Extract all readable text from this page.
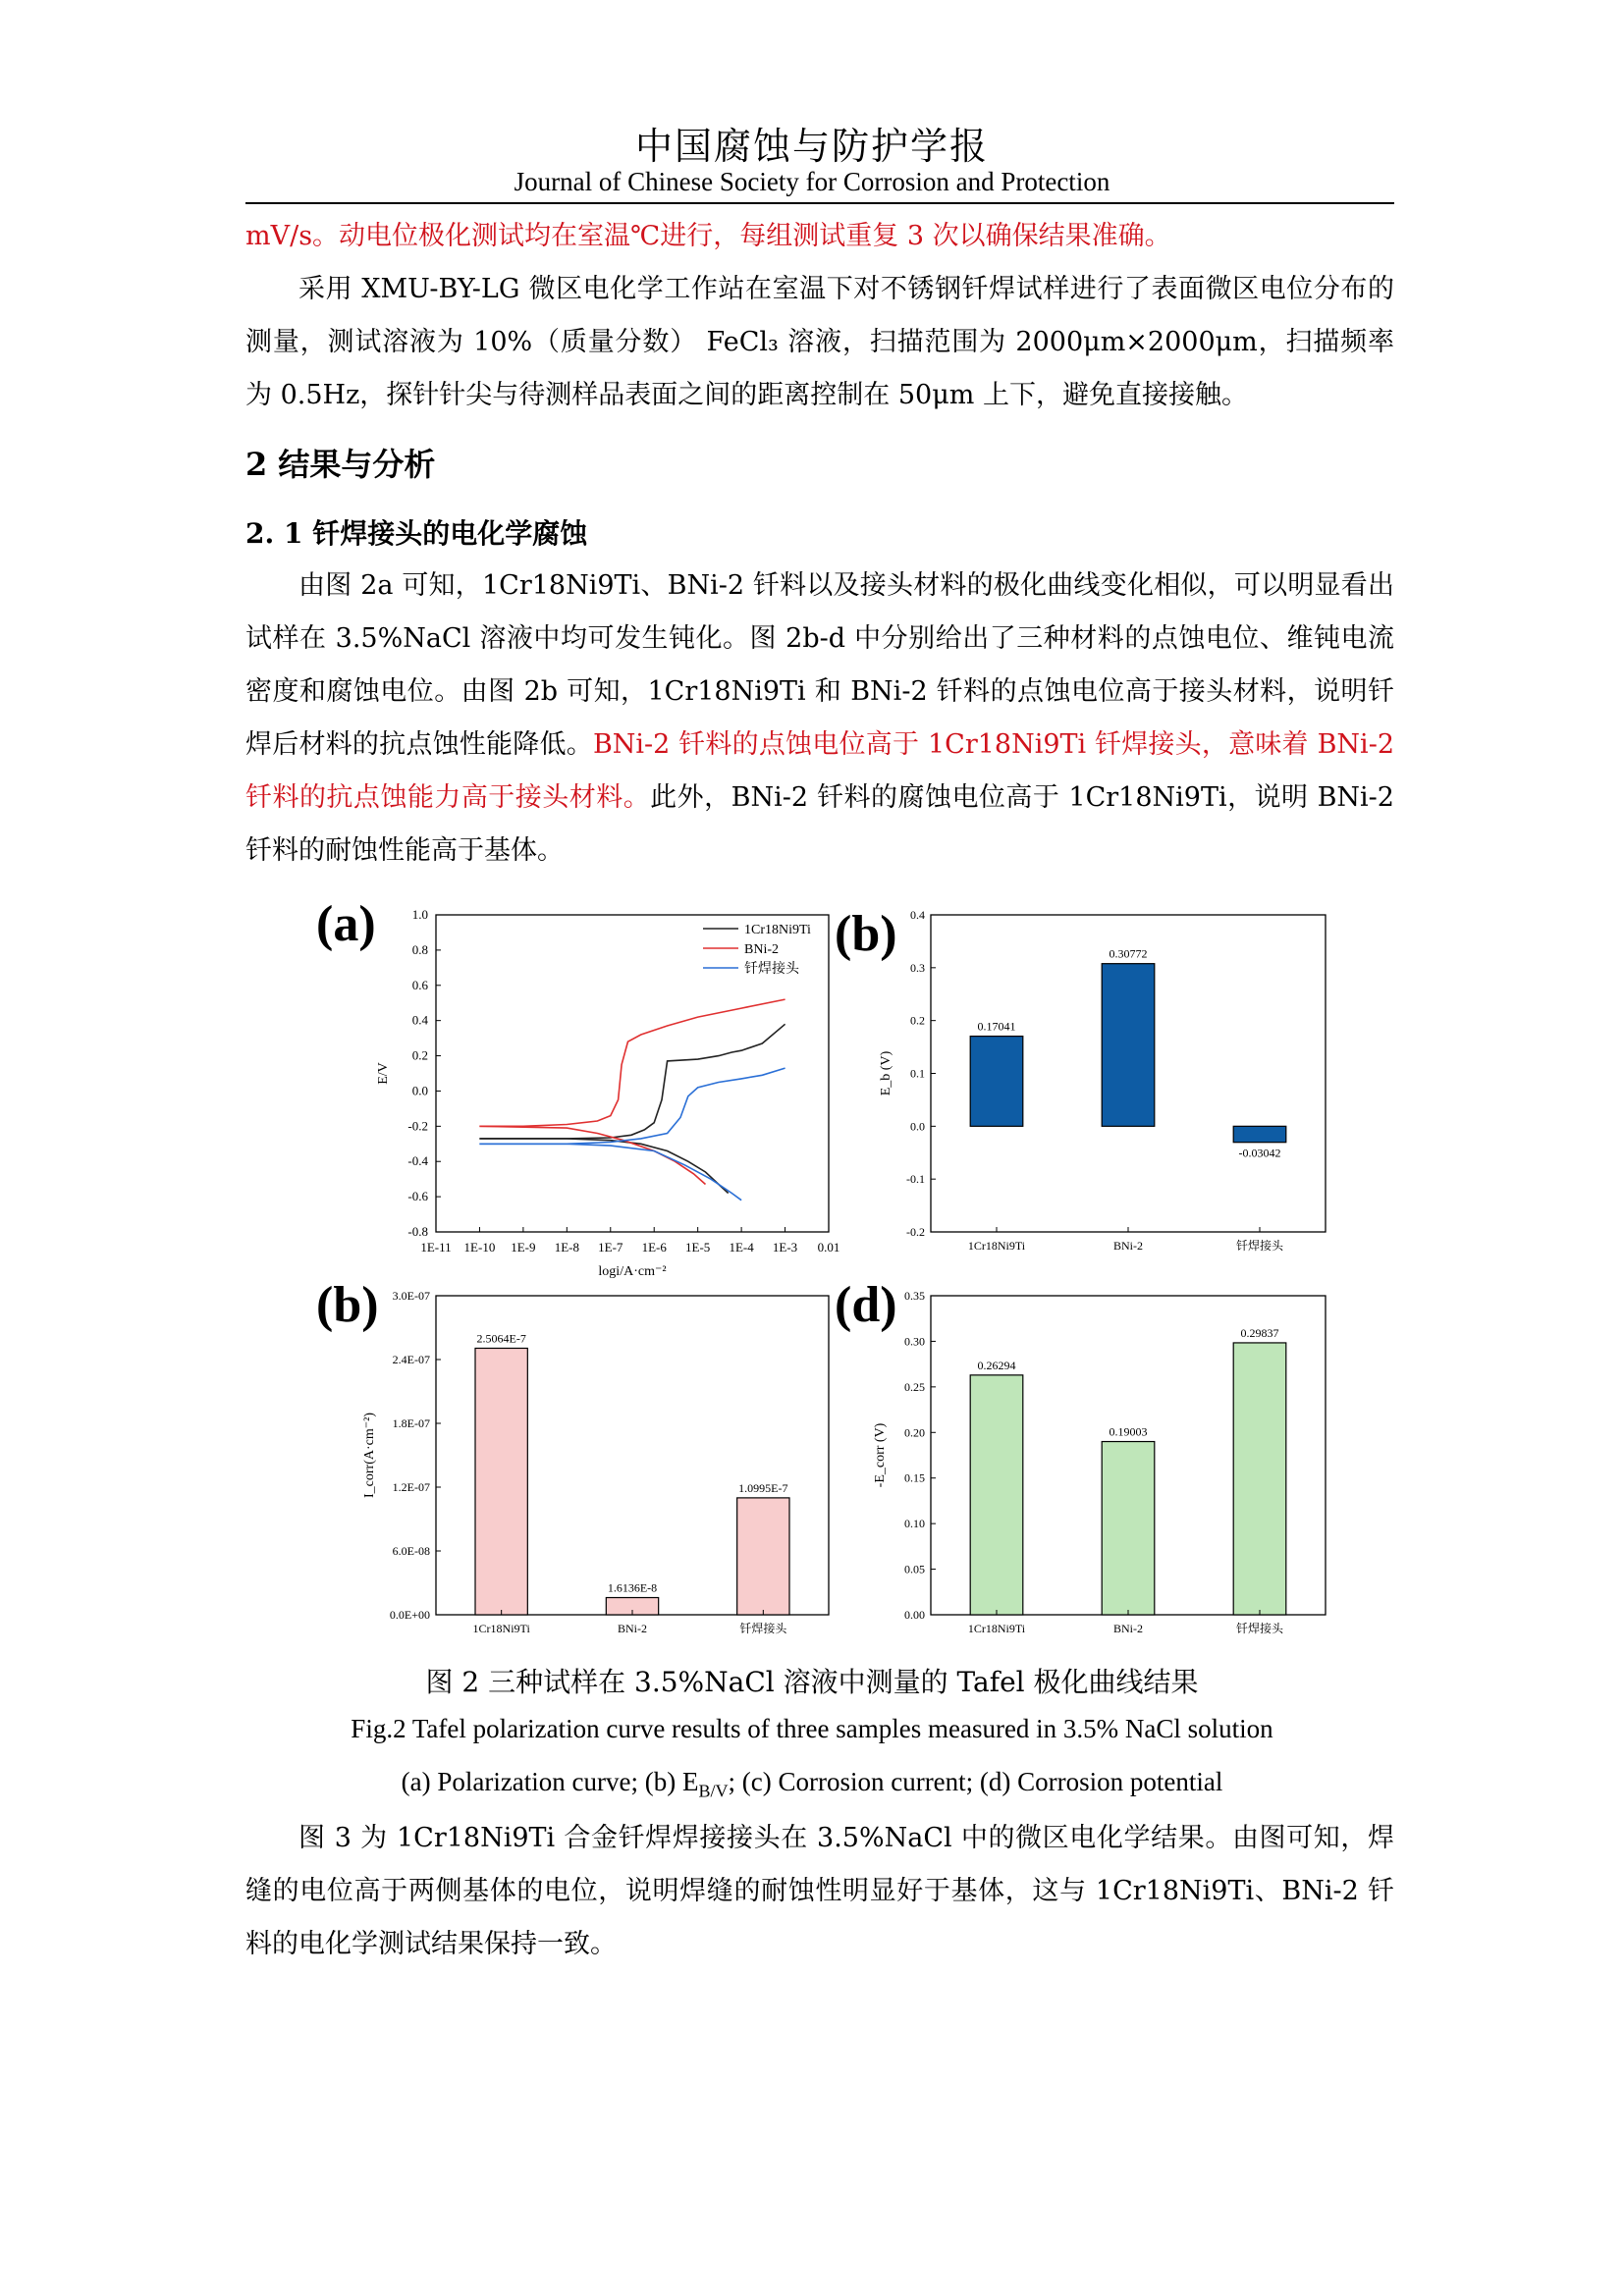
中国腐蚀与防护学报
Journal of Chinese Society for Corrosion and Protection

mV/s。动电位极化测试均在室温℃进行，每组测试重复 3 次以确保结果准确。

采用 XMU-BY-LG 微区电化学工作站在室温下对不锈钢钎焊试样进行了表面微区电位分布的测量，测试溶液为 10%（质量分数） FeCl₃ 溶液，扫描范围为 2000μm×2000μm，扫描频率为 0.5Hz，探针针尖与待测样品表面之间的距离控制在 50μm 上下，避免直接接触。

2 结果与分析
2. 1 钎焊接头的电化学腐蚀

由图 2a 可知，1Cr18Ni9Ti、BNi-2 钎料以及接头材料的极化曲线变化相似，可以明显看出试样在 3.5%NaCl 溶液中均可发生钝化。图 2b-d 中分别给出了三种材料的点蚀电位、维钝电流密度和腐蚀电位。由图 2b 可知，1Cr18Ni9Ti 和 BNi-2 钎料的点蚀电位高于接头材料，说明钎焊后材料的抗点蚀性能降低。BNi-2 钎料的点蚀电位高于 1Cr18Ni9Ti 钎焊接头，意味着 BNi-2 钎料的抗点蚀能力高于接头材料。此外，BNi-2 钎料的腐蚀电位高于 1Cr18Ni9Ti，说明 BNi-2 钎料的耐蚀性能高于基体。

(a)	(b)
(b)	(d)
1E-11 1E-10 1E-9 1E-8 1E-7 1E-6 1E-5 1E-4 1E-3 0.01
-0.8
-0.6
-0.4
-0.2
0.0
0.2
0.4
0.6
0.8
1.0
logi/A·cm⁻²
E/V
1Cr18Ni9Ti
BNi-2
钎焊接头
-0.2
-0.1
0.0
0.1
0.2
0.3
0.4
0.17041
1Cr18Ni9Ti
0.30772
BNi-2
-0.03042
钎焊接头
E_b (V)
0.0E+00
6.0E-08
1.2E-07
1.8E-07
2.4E-07
3.0E-07
2.5064E-7
1Cr18Ni9Ti
1.6136E-8
BNi-2
1.0995E-7
钎焊接头
I_corr(A·cm⁻²)
0.00
0.05
0.10
0.15
0.20
0.25
0.30
0.35
0.26294
1Cr18Ni9Ti
0.19003
BNi-2
0.29837
钎焊接头
-E_corr (V)

图 2 三种试样在 3.5%NaCl 溶液中测量的 Tafel 极化曲线结果

Fig.2 Tafel polarization curve results of three samples measured in 3.5% NaCl solution

(a) Polarization curve; (b) $E_{B/V}$; (c) Corrosion current; (d) Corrosion potential

图 3 为 1Cr18Ni9Ti 合金钎焊焊接接头在 3.5%NaCl 中的微区电化学结果。由图可知，焊缝的电位高于两侧基体的电位，说明焊缝的耐蚀性明显好于基体，这与 1Cr18Ni9Ti、BNi-2 钎料的电化学测试结果保持一致。
